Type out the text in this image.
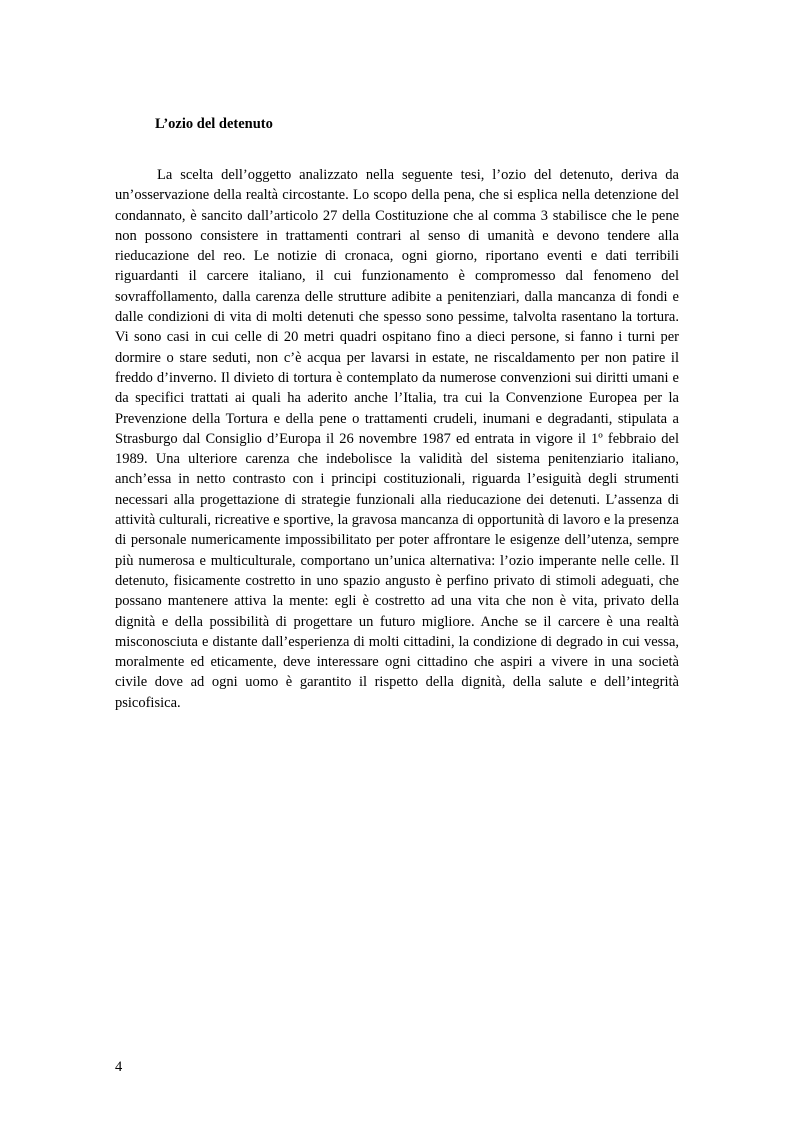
L’ozio del detenuto

La scelta dell’oggetto analizzato nella seguente tesi, l’ozio del detenuto, deriva da un’osservazione della realtà circostante. Lo scopo della pena, che si esplica nella detenzione del condannato, è sancito dall’articolo 27 della Costituzione che al comma 3 stabilisce che le pene non possono consistere in trattamenti contrari al senso di umanità e devono tendere alla rieducazione del reo. Le notizie di cronaca, ogni giorno, riportano eventi e dati terribili riguardanti il carcere italiano, il cui funzionamento è compromesso dal fenomeno del sovraffollamento, dalla carenza delle strutture adibite a penitenziari, dalla mancanza di fondi e dalle condizioni di vita di molti detenuti che spesso sono pessime, talvolta rasentano la tortura. Vi sono casi in cui celle di 20 metri quadri ospitano fino a dieci persone, si fanno i turni per dormire o stare seduti, non c’è acqua per lavarsi in estate, ne riscaldamento per non patire il freddo d’inverno. Il divieto di tortura è contemplato da numerose convenzioni sui diritti umani e da specifici trattati ai quali ha aderito anche l’Italia, tra cui la Convenzione Europea per la Prevenzione della Tortura e della pene o trattamenti crudeli, inumani e degradanti, stipulata a Strasburgo dal Consiglio d’Europa il 26 novembre 1987 ed entrata in vigore il 1º febbraio del 1989. Una ulteriore carenza che indebolisce la validità del sistema penitenziario italiano, anch’essa in netto contrasto con i principi costituzionali, riguarda l’esiguità degli strumenti necessari alla progettazione di strategie funzionali alla rieducazione dei detenuti. L’assenza di attività culturali, ricreative e sportive, la gravosa mancanza di opportunità di lavoro e la presenza di personale numericamente impossibilitato per poter affrontare le esigenze dell’utenza, sempre più numerosa e multiculturale, comportano un’unica alternativa: l’ozio imperante nelle celle. Il detenuto, fisicamente costretto in uno spazio angusto è perfino privato di stimoli adeguati, che possano mantenere attiva la mente: egli è costretto ad una vita che non è vita, privato della dignità e della possibilità di progettare un futuro migliore. Anche se il carcere è una realtà misconosciuta e distante dall’esperienza di molti cittadini, la condizione di degrado in cui vessa, moralmente ed eticamente, deve interessare ogni cittadino che aspiri a vivere in una società civile dove ad ogni uomo è garantito il rispetto della dignità, della salute e dell’integrità psicofisica.

4
